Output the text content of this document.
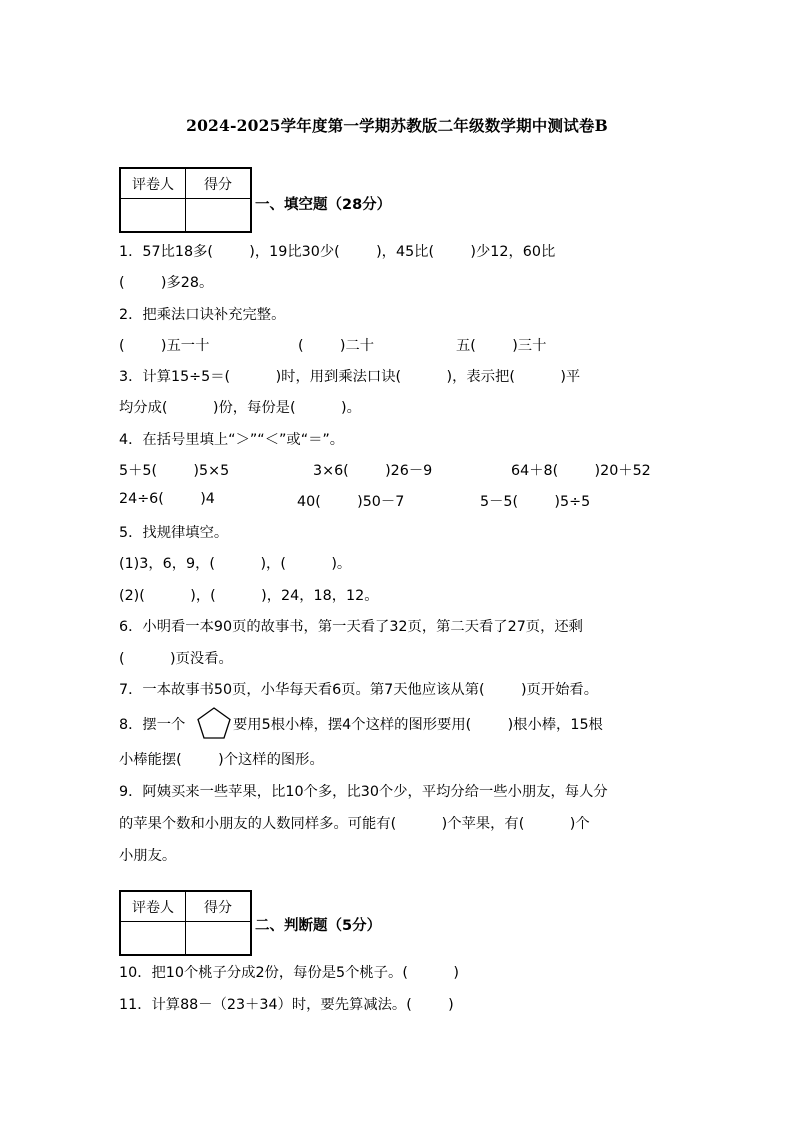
2024-2025学年度第一学期苏教版二年级数学期中测试卷B
评卷人	得分

一、填空题（28分）
1．57比18多(        )，19比30少(        )，45比(        )少12，60比
(        )多28。
2．把乘法口诀补充完整。
(        )五一十	(        )二十	五(        )三十
3．计算15÷5＝(          )时，用到乘法口诀(          )，表示把(          )平
均分成(          )份，每份是(          )。
4．在括号里填上“＞”“＜”或“＝”。
5＋5(        )5×5	3×6(        )26－9	64＋8(        )20＋52
24÷6(        )4	40(        )50－7	5－5(        )5÷5
5．找规律填空。
(1)3，6，9，(          )，(          )。
(2)(          )，(          )，24，18，12。
6．小明看一本90页的故事书，第一天看了32页，第二天看了27页，还剩
(          )页没看。
7．一本故事书50页，小华每天看6页。第7天他应该从第(        )页开始看。
8．摆一个	要用5根小棒，摆4个这样的图形要用(        )根小棒，15根
小棒能摆(        )个这样的图形。
9．阿姨买来一些苹果，比10个多，比30个少，平均分给一些小朋友，每人分
的苹果个数和小朋友的人数同样多。可能有(          )个苹果，有(          )个
小朋友。
评卷人	得分

二、判断题（5分）
10．把10个桃子分成2份，每份是5个桃子。(          )
11．计算88－（23＋34）时，要先算减法。(        )
